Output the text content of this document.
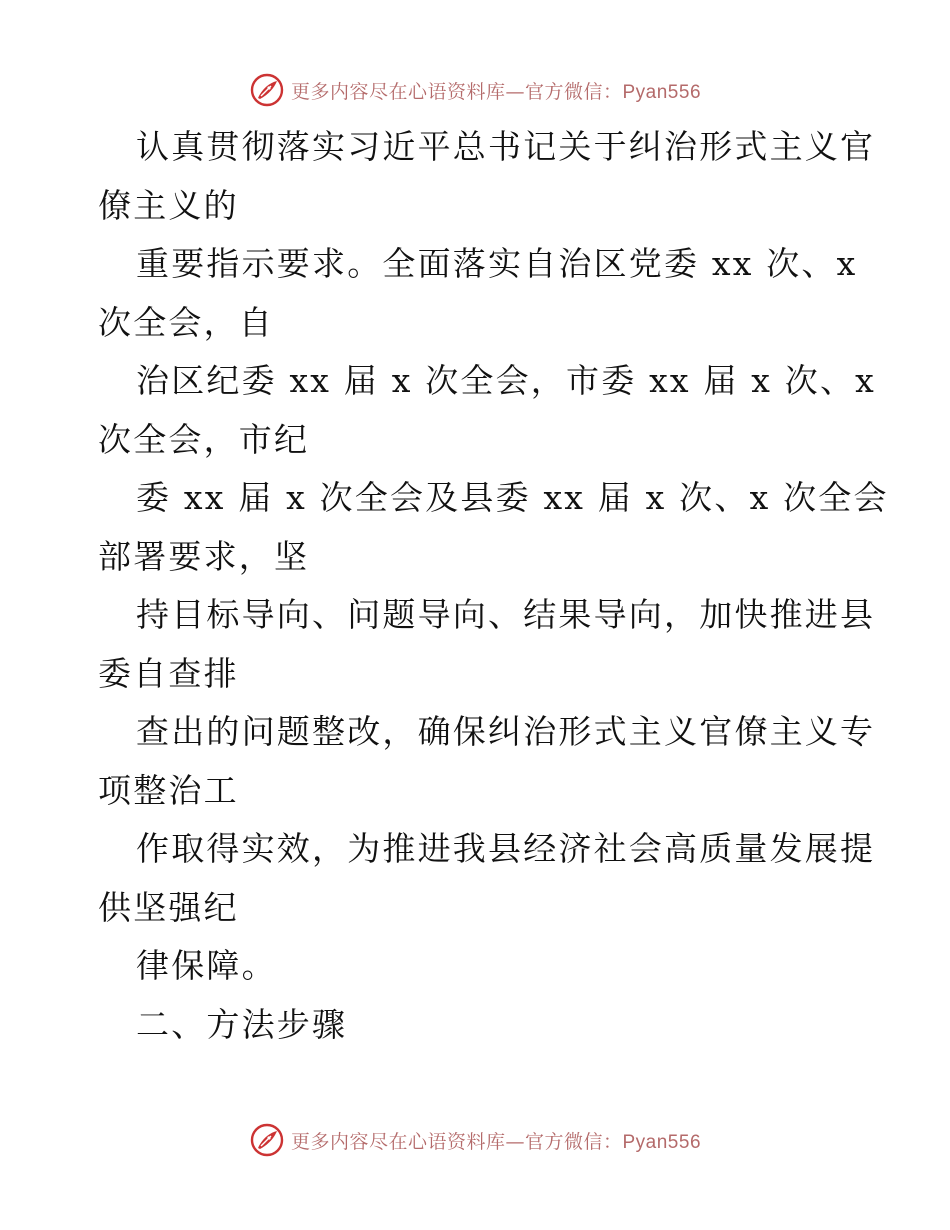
更多内容尽在心语资料库—官方微信：Pyan556
认真贯彻落实习近平总书记关于纠治形式主义官
僚主义的
重要指示要求。全面落实自治区党委 xx 次、x
次全会，自
治区纪委 xx 届 x 次全会，市委 xx 届 x 次、x
次全会，市纪
委 xx 届 x 次全会及县委 xx 届 x 次、x 次全会
部署要求，坚
持目标导向、问题导向、结果导向，加快推进县
委自查排
查出的问题整改，确保纠治形式主义官僚主义专
项整治工
作取得实效，为推进我县经济社会高质量发展提
供坚强纪
律保障。
二、方法步骤
更多内容尽在心语资料库—官方微信：Pyan556
